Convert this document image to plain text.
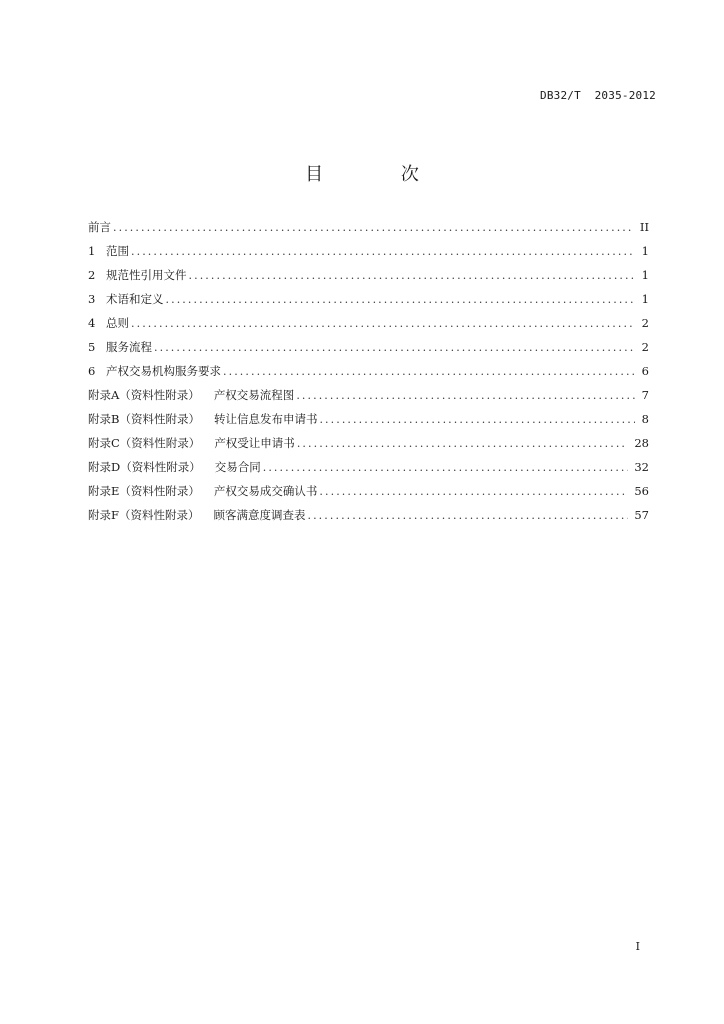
DB32/T  2035-2012
目 次
前言 .....	II
1 范围 .....	1
2 规范性引用文件 .....	1
3 术语和定义 .....	1
4 总则 .....	2
5 服务流程 .....	2
6 产权交易机构服务要求 .....	6
附录A（资料性附录） 产权交易流程图 .....	7
附录B（资料性附录） 转让信息发布申请书 .....	8
附录C（资料性附录） 产权受让申请书 .....	28
附录D（资料性附录） 交易合同 .....	32
附录E（资料性附录） 产权交易成交确认书 .....	56
附录F（资料性附录） 顾客满意度调查表 .....	57
I
